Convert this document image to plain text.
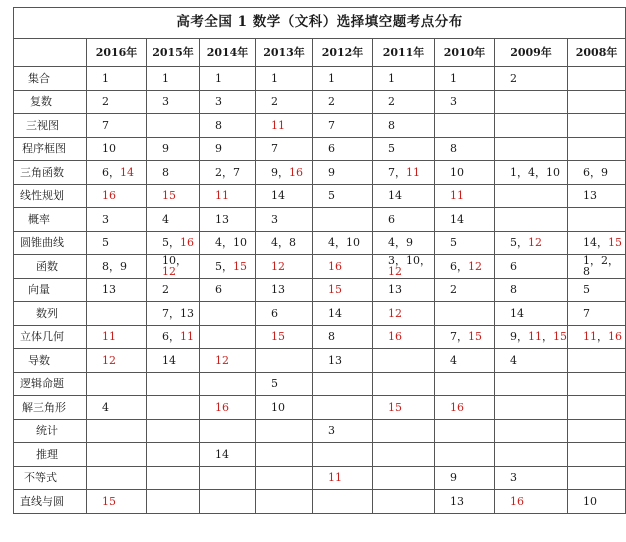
高考全国 1 数学（文科）选择填空题考点分布									
	2016年	2015年	2014年	2013年	2012年	2011年	2010年	2009年	2008年
集合	1	1	1	1	1	1	1	2	
复数	2	3	3	2	2	2	3		
三视图	7		8	11	7	8			
程序框图	10	9	9	7	6	5	8		
三角函数	6，14	8	2，7	9，16	9	7，11	10	1，4，10	6，9
线性规划	16	15	11	14	5	14	11		13
概率	3	4	13	3		6	14		
圆锥曲线	5	5，16	4，10	4，8	4，10	4，9	5	5，12	14，15
函数	8，9	10，12	5，15	12	16	3，10，12	6，12	6	1，2，8
向量	13	2	6	13	15	13	2	8	5
数列		7，13		6	14	12		14	7
立体几何	11	6，11		15	8	16	7，15	9，11，15	11，16
导数	12	14	12		13		4	4	
逻辑命题				5					
解三角形	4		16	10		15	16		
统计					3				
推理			14						
不等式					11		9	3	
直线与圆	15						13	16	10
